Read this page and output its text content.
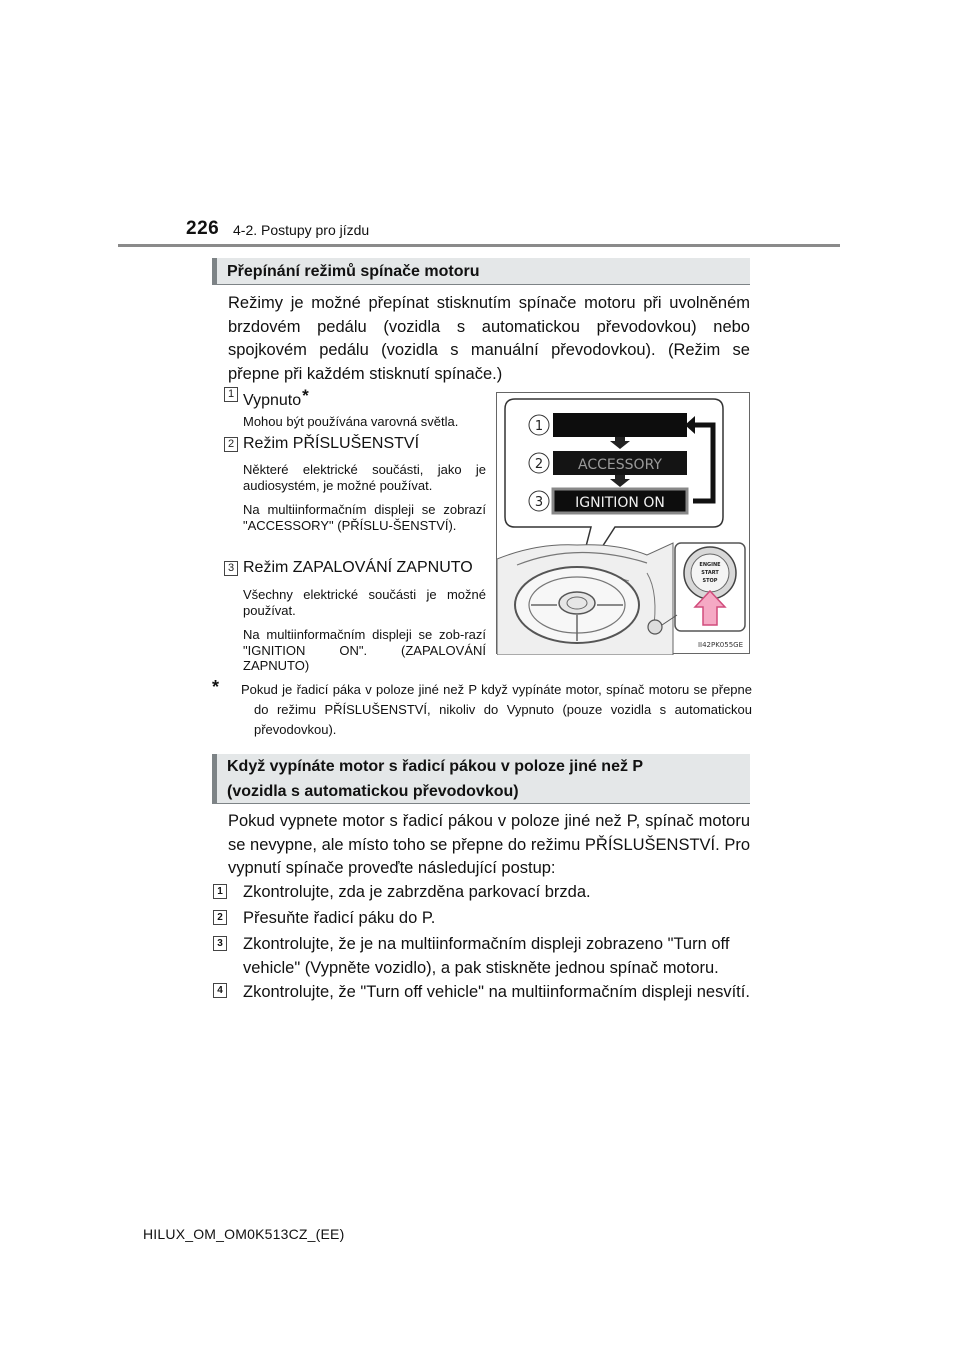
226 4-2. Postupy pro jízdu
Přepínání režimů spínače motoru
Režimy je možné přepínat stisknutím spínače motoru při uvolněném brzdovém pedálu (vozidla s automatickou převodovkou) nebo spojkovém pedálu (vozidla s manuální převodovkou). (Režim se přepne při každém stisknutí spínače.)
1 Vypnuto*
Mohou být používána varovná světla.
2 Režim PŘÍSLUŠENSTVÍ
Některé elektrické součásti, jako je audiosystém, je možné používat.
Na multiinformačním displeji se zobrazí "ACCESSORY" (PŘÍSLU-ŠENSTVÍ).
3 Režim ZAPALOVÁNÍ ZAPNUTO
Všechny elektrické součásti je možné používat.
Na multiinformačním displeji se zob-razí "IGNITION ON". (ZAPALOVÁNÍ ZAPNUTO)
1
2
3
ACCESSORY
IGNITION ON
ENGINE
START
STOP
II42PK055GE
* Pokud je řadicí páka v poloze jiné než P když vypínáte motor, spínač motoru se přepne do režimu PŘÍSLUŠENSTVÍ, nikoliv do Vypnuto (pouze vozidla s automatickou převodovkou).
Když vypínáte motor s řadicí pákou v poloze jiné než P
(vozidla s automatickou převodovkou)
Pokud vypnete motor s řadicí pákou v poloze jiné než P, spínač motoru se nevypne, ale místo toho se přepne do režimu PŘÍSLUŠENSTVÍ. Pro vypnutí spínače proveďte následující postup:
1 Zkontrolujte, zda je zabrzděna parkovací brzda.
2 Přesuňte řadicí páku do P.
3 Zkontrolujte, že je na multiinformačním displeji zobrazeno "Turn off vehicle" (Vypněte vozidlo), a pak stiskněte jednou spínač motoru.
4 Zkontrolujte, že "Turn off vehicle" na multiinformačním displeji nesvítí.
HILUX_OM_OM0K513CZ_(EE)
